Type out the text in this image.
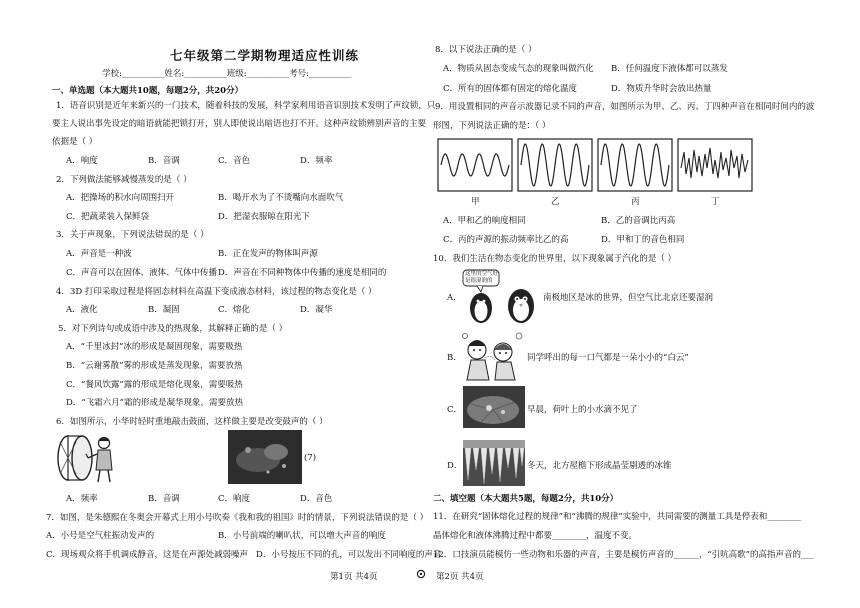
七年级第二学期物理适应性训练
学校:__________姓名:__________班级:__________考号:__________
一、单选题（本大题共10题，每题2分，共20分）
1．语音识别是近年来新兴的一门技术，随着科技的发展，科学家利用语音识别技术发明了声纹锁，只
要主人说出事先设定的暗语就能把锁打开，别人即使说出暗语也打不开。这种声纹锁辨别声音的主要
依据是（ ）
A．响度	B．音调	C．音色	D．频率
2．下列做法能够减慢蒸发的是（ ）
A．把操场的积水向周围扫开	B．喝开水为了不烫嘴向水面吹气
C．把蔬菜装入保鲜袋	D．把湿衣服晾在阳光下
3．关于声现象，下列说法错误的是（ ）
A．声音是一种波	B．正在发声的物体叫声源
C．声音可以在固体、液体、气体中传播 D．声音在不同种物体中传播的速度是相同的
4．3D 打印采取过程是将固态材料在高温下变成液态材料，该过程的物态变化是（ ）
A．液化	B．凝固	C．熔化	D．凝华
5．对下列诗句或成语中涉及的热现象，其解释正确的是（ ）
A．“千里冰封”冰的形成是凝固现象，需要吸热
B．“云谢雾散”雾的形成是蒸发现象，需要放热
C．“餐风饮露”露的形成是熔化现象，需要吸热
D．“飞霜六月”霜的形成是凝华现象，需要放热
6．如图所示，小华时轻时重地敲击鼓面，这样做主要是改变鼓声的（ ）
(7)
A．频率	B．音调	C．响度	D．音色
7．如图，是朱德熙在冬奥会开幕式上用小号吹奏《我和我的祖国》时的情景，下列说法错误的是（ ）
A．小号是空气柱振动发声的	B．小号前端的喇叭状，可以增大声音的响度
C．现场观众将手机调成静音，这是在声源处减弱噪声 D．小号按压不同的孔，可以发出不同响度的声音
第1页 共4页	第2页 共4页
8．以下说法正确的是（ ）
A．物质从固态变成气态的现象叫做汽化 B．任何温度下液体都可以蒸发
C．所有的固体都有固定的熔化温度	D．物质升华时会放出热量
9．用设置相同的声音示波器记录不同的声音，如图所示为甲、乙、丙、丁四种声音在相同时间内的波
形图，下列说法正确的是：（ ）
甲	乙	丙	丁
A．甲和乙的响度相同	B．乙的音调比丙高
C．丙的声源的振动频率比乙的高	D．甲和丁的音色相同
10．我们生活在物态变化的世界里，以下现象属于汽化的是（ ）
A．
这里的空气好
是很湿润的
南极地区是冰的世界，但空气比北京还要湿润
B．	同学呼出的每一口气都是一朵小小的“白云”
C．	早晨，荷叶上的小水滴不见了
D．	冬天，北方屋檐下形成晶莹剔透的冰锥
二、填空题（本大题共5题，每题2分，共10分）
11．在研究“固体熔化过程的规律”和“沸腾的规律”实验中，共同需要的测量工具是停表和________
晶体熔化和液体沸腾过程中都要________，温度不变。
12．口技演员能模仿一些动物和乐器的声音，主要是模仿声音的______，“引吭高歌”的高指声音的___
